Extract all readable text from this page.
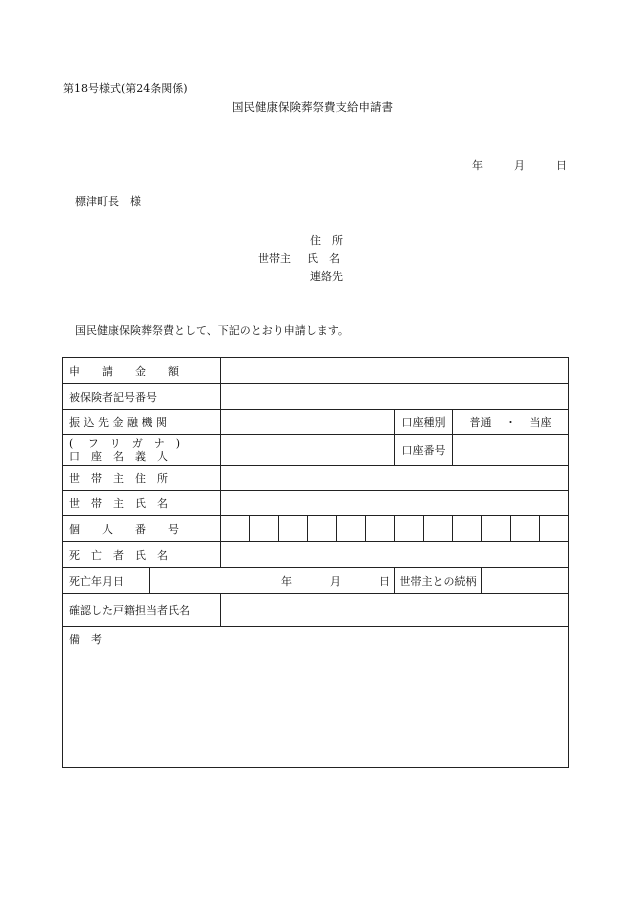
第18号様式(第24条関係)
国民健康保険葬祭費支給申請書
年	月	日
標津町長　様
住　所
世帯主 氏　名
連絡先
国民健康保険葬祭費として、下記のとおり申請します。
申　　請　　金　　額													
被保険者記号番号													
振 込 先 金 融 機 関								口座種別		普通 ・ 当座			

( 　フ　リ　ガ　ナ　)
口　座　名　義　人								口座番号					
世　帯　主　住　所													
世　帯　主　氏　名													
個　　人　　番　　号													
死　亡　者　氏　名													
死亡年月日	年 月 日							世帯主との続柄					
確認した戸籍担当者氏名													
備　考													
